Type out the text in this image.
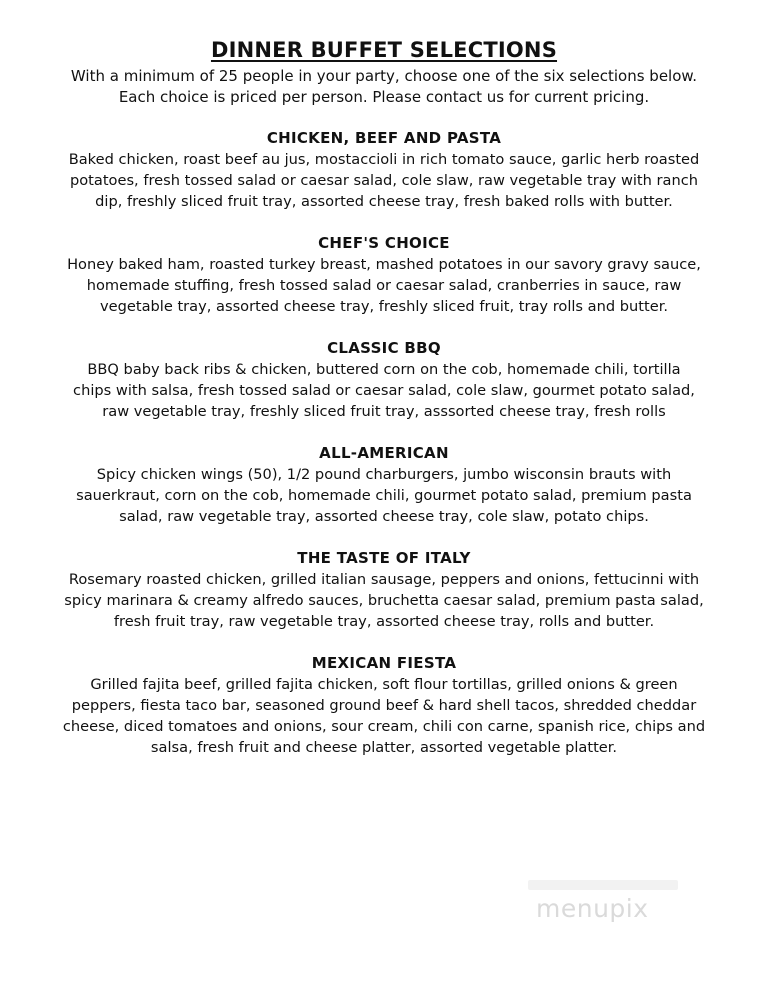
DINNER BUFFET SELECTIONS
With a minimum of 25 people in your party, choose one of the six selections below.
Each choice is priced per person. Please contact us for current pricing.
CHICKEN, BEEF AND PASTA
Baked chicken, roast beef au jus, mostaccioli in rich tomato sauce, garlic herb roasted
potatoes, fresh tossed salad or caesar salad, cole slaw, raw vegetable tray with ranch
dip, freshly sliced fruit tray, assorted cheese tray, fresh baked rolls with butter.
CHEF'S CHOICE
Honey baked ham, roasted turkey breast, mashed potatoes in our savory gravy sauce,
homemade stuffing, fresh tossed salad or caesar salad, cranberries in sauce, raw
vegetable tray, assorted cheese tray, freshly sliced fruit, tray rolls and butter.
CLASSIC BBQ
BBQ baby back ribs & chicken, buttered corn on the cob, homemade chili, tortilla
chips with salsa, fresh tossed salad or caesar salad, cole slaw, gourmet potato salad,
raw vegetable tray, freshly sliced fruit tray, asssorted cheese tray, fresh rolls
ALL-AMERICAN
Spicy chicken wings (50), 1/2 pound charburgers, jumbo wisconsin brauts with
sauerkraut, corn on the cob, homemade chili, gourmet potato salad, premium pasta
salad, raw vegetable tray, assorted cheese tray, cole slaw, potato chips.
THE TASTE OF ITALY
Rosemary roasted chicken, grilled italian sausage, peppers and onions, fettucinni with
spicy marinara & creamy alfredo sauces, bruchetta caesar salad, premium pasta salad,
fresh fruit tray, raw vegetable tray, assorted cheese tray, rolls and butter.
MEXICAN FIESTA
Grilled fajita beef, grilled fajita chicken, soft flour tortillas, grilled onions & green
peppers, fiesta taco bar, seasoned ground beef & hard shell tacos, shredded cheddar
cheese, diced tomatoes and onions, sour cream, chili con carne, spanish rice, chips and
salsa, fresh fruit and cheese platter, assorted vegetable platter.
menupix
